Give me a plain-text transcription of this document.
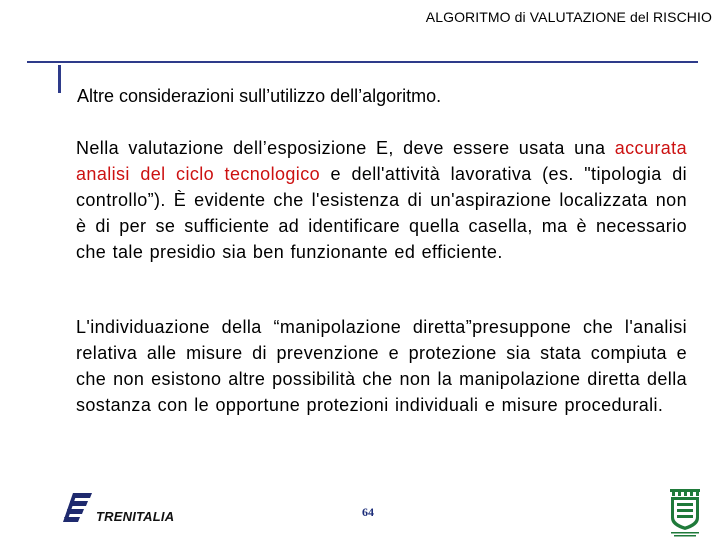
ALGORITMO di VALUTAZIONE del RISCHIO
Altre considerazioni sull’utilizzo dell’algoritmo.

Nella valutazione dell’esposizione E, deve essere usata una accurata analisi del ciclo tecnologico e dell'attività lavorativa (es. "tipologia di controllo”). È evidente che l'esistenza di un'aspirazione localizzata non è di per se sufficiente ad identificare quella casella, ma è necessario che tale presidio sia ben funzionante ed efficiente.

L'individuazione della “manipolazione diretta”presuppone che l'analisi relativa alle misure di prevenzione e protezione sia stata compiuta e che non esistono altre possibilità che non la manipolazione diretta della sostanza con le opportune protezioni individuali e misure procedurali.

TRENITALIA	64
